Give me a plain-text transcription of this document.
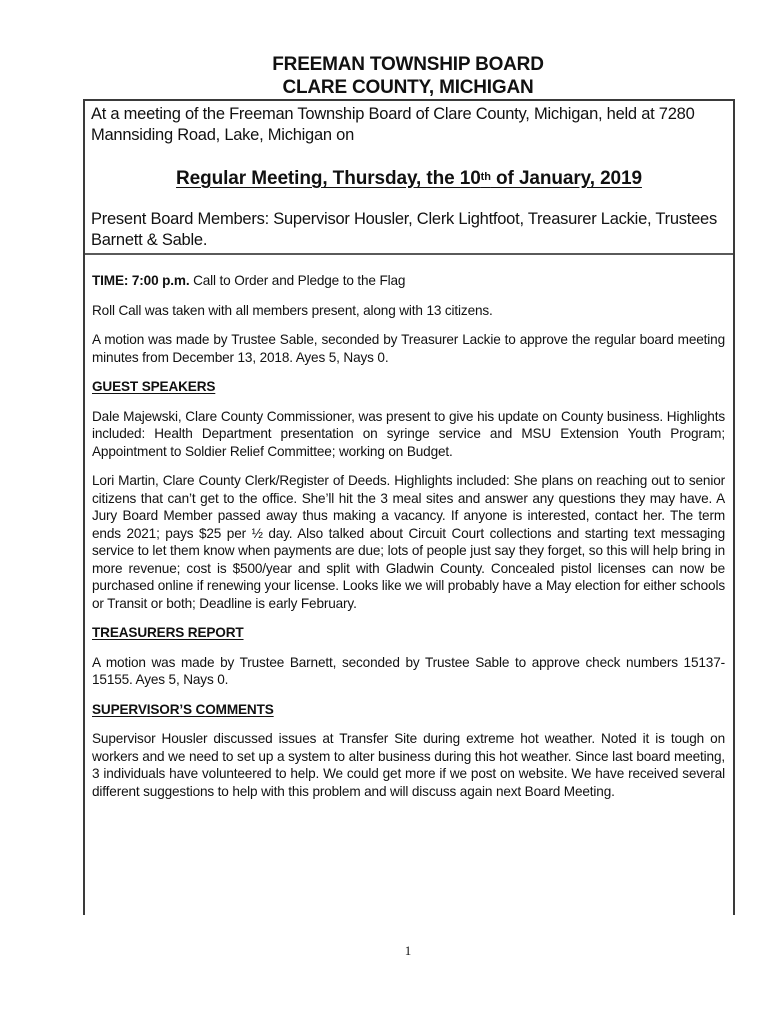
FREEMAN TOWNSHIP BOARD
CLARE COUNTY, MICHIGAN
At a meeting of the Freeman Township Board of Clare County, Michigan, held at 7280 Mannsiding Road, Lake, Michigan on
Regular Meeting, Thursday, the 10th of January, 2019
Present Board Members: Supervisor Housler, Clerk Lightfoot, Treasurer Lackie, Trustees Barnett & Sable.

TIME: 7:00 p.m. Call to Order and Pledge to the Flag

Roll Call was taken with all members present, along with 13 citizens.

A motion was made by Trustee Sable, seconded by Treasurer Lackie to approve the regular board meeting minutes from December 13, 2018. Ayes 5, Nays 0.

GUEST SPEAKERS

Dale Majewski, Clare County Commissioner, was present to give his update on County business. Highlights included: Health Department presentation on syringe service and MSU Extension Youth Program; Appointment to Soldier Relief Committee; working on Budget.

Lori Martin, Clare County Clerk/Register of Deeds. Highlights included: She plans on reaching out to senior citizens that can’t get to the office. She’ll hit the 3 meal sites and answer any questions they may have. A Jury Board Member passed away thus making a vacancy. If anyone is interested, contact her. The term ends 2021; pays $25 per ½ day. Also talked about Circuit Court collections and starting text messaging service to let them know when payments are due; lots of people just say they forget, so this will help bring in more revenue; cost is $500/year and split with Gladwin County. Concealed pistol licenses can now be purchased online if renewing your license. Looks like we will probably have a May election for either schools or Transit or both; Deadline is early February.

TREASURERS REPORT

A motion was made by Trustee Barnett, seconded by Trustee Sable to approve check numbers 15137-15155. Ayes 5, Nays 0.

SUPERVISOR’S COMMENTS

Supervisor Housler discussed issues at Transfer Site during extreme hot weather. Noted it is tough on workers and we need to set up a system to alter business during this hot weather. Since last board meeting, 3 individuals have volunteered to help. We could get more if we post on website. We have received several different suggestions to help with this problem and will discuss again next Board Meeting.

1
